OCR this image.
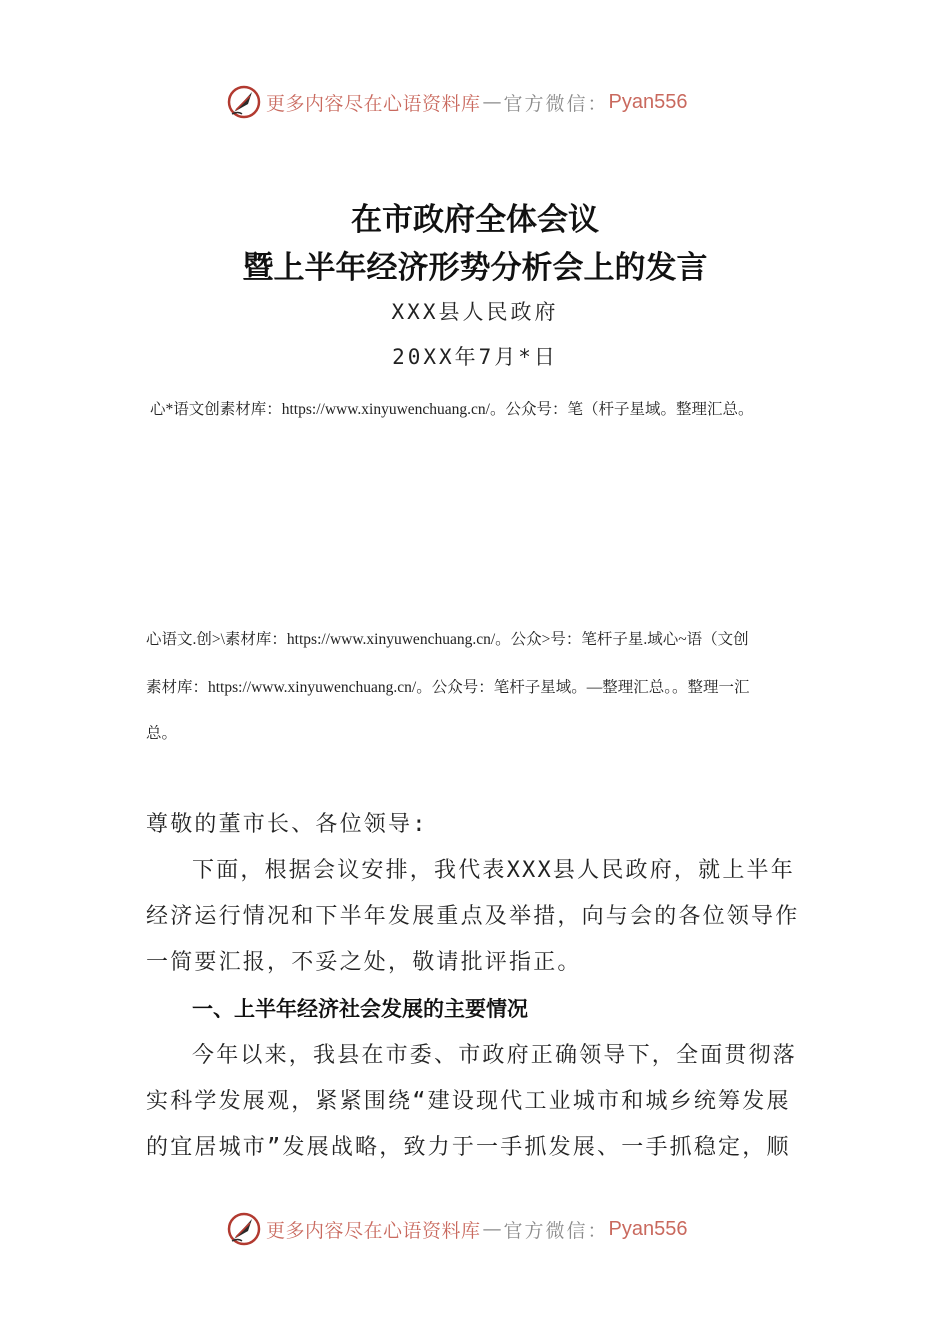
更多内容尽在心语资料库 — 官方微信： Pyan556
在市政府全体会议
暨上半年经济形势分析会上的发言
XXX县人民政府
20XX年7月*日
心*语文创素材库：https://www.xinyuwenchuang.cn/。公众号：笔（杆子星域。整理汇总。
心语文.创>\素材库：https://www.xinyuwenchuang.cn/。公众>号：笔杆子星.域心~语（文创
素材库：https://www.xinyuwenchuang.cn/。公众号：笔杆子星域。—整理汇总。。整理一汇
总。
尊敬的董市长、各位领导:
下面，根据会议安排，我代表XXX县人民政府，就上半年
经济运行情况和下半年发展重点及举措，向与会的各位领导作
一简要汇报，不妥之处，敬请批评指正。
一、上半年经济社会发展的主要情况
今年以来，我县在市委、市政府正确领导下，全面贯彻落
实科学发展观，紧紧围绕“建设现代工业城市和城乡统筹发展
的宜居城市”发展战略，致力于一手抓发展、一手抓稳定，顺
更多内容尽在心语资料库 — 官方微信： Pyan556
